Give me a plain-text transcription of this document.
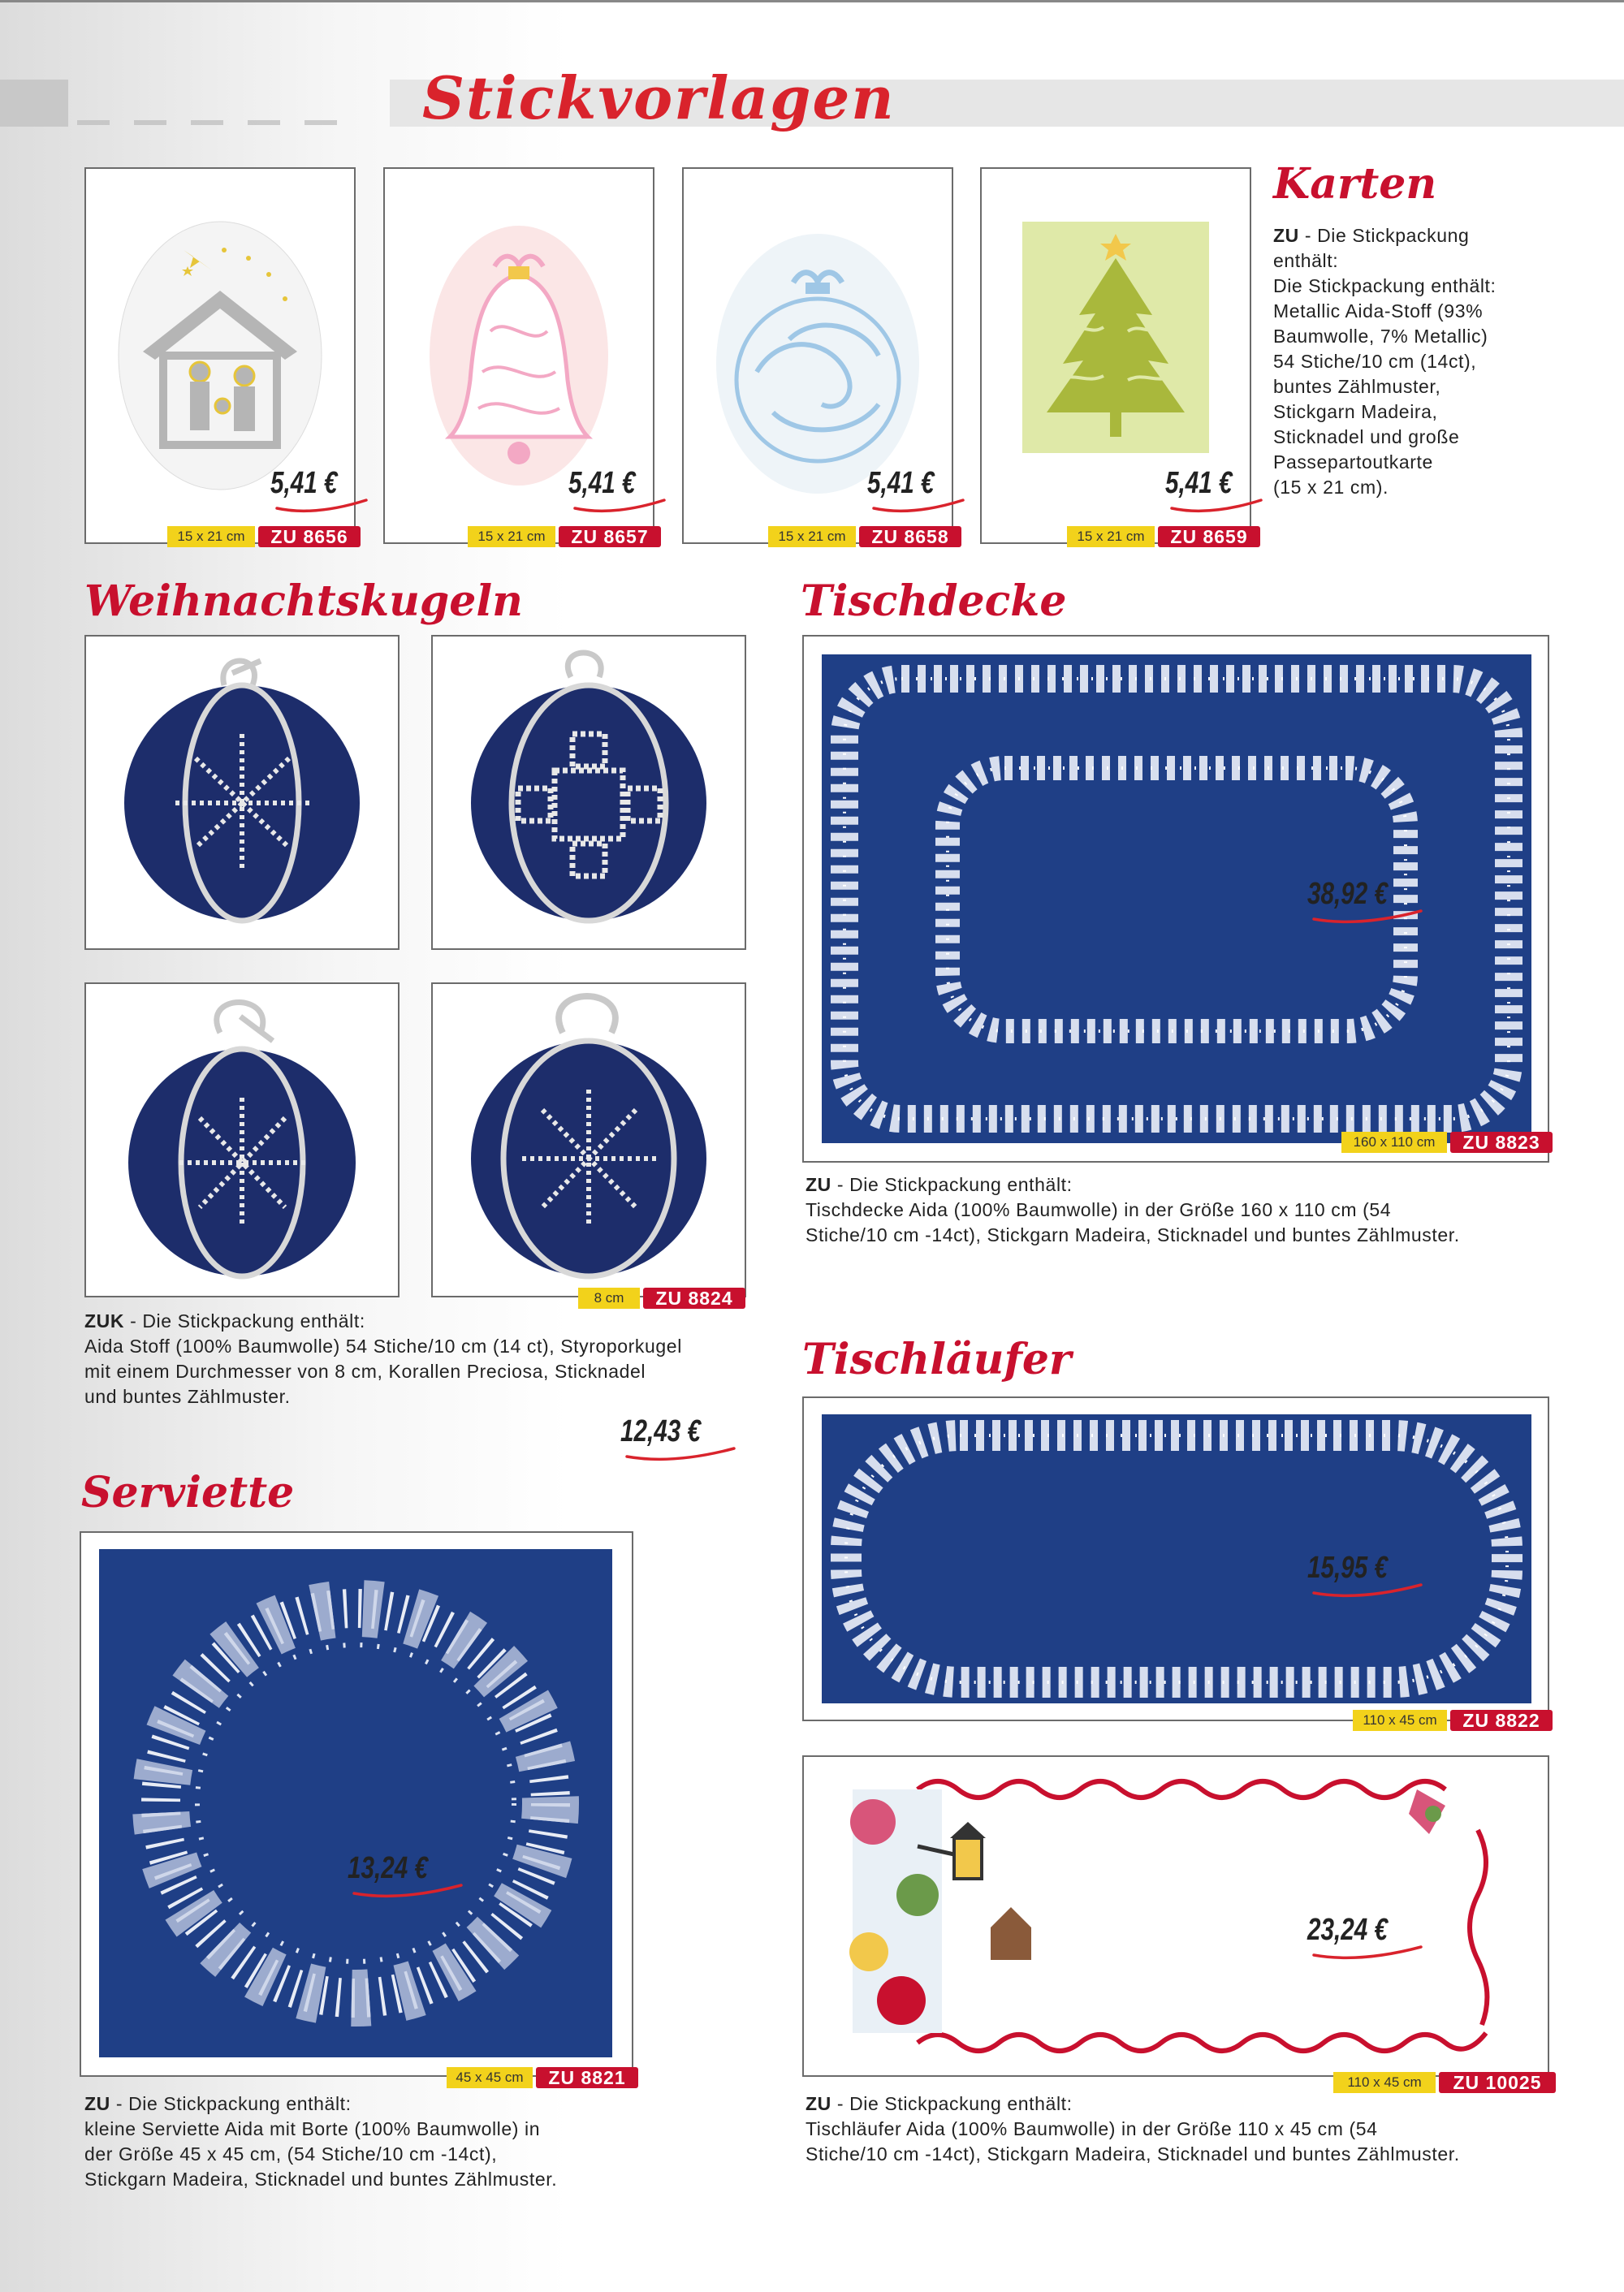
Stickvorlagen
5,41 €	5,41 €	5,41 €	5,41 €
15 x 21 cm	ZU 8656	15 x 21 cm	ZU 8657	15 x 21 cm	ZU 8658	15 x 21 cm	ZU 8659
Karten
ZU - Die Stickpackung
enthält:
Die Stickpackung enthält:
Metallic Aida-Stoff (93%
Baumwolle, 7% Metallic)
54 Stiche/10 cm (14ct),
buntes Zählmuster,
Stickgarn Madeira,
Sticknadel und große
Passepartoutkarte
(15 x 21 cm).
Weihnachtskugeln
8 cm	ZU 8824
ZUK - Die Stickpackung enthält:
Aida Stoff (100% Baumwolle) 54 Stiche/10 cm (14 ct), Styroporkugel
mit einem Durchmesser von 8 cm, Korallen Preciosa, Sticknadel
und buntes Zählmuster.
12,43 €
Serviette
13,24 €
45 x 45 cm	ZU 8821
ZU - Die Stickpackung enthält:
kleine Serviette Aida mit Borte (100% Baumwolle) in
der Größe 45 x 45 cm, (54 Stiche/10 cm -14ct),
Stickgarn Madeira, Sticknadel und buntes Zählmuster.
Tischdecke
38,92 €
160 x 110 cm	ZU 8823
ZU - Die Stickpackung enthält:
Tischdecke Aida (100% Baumwolle) in der Größe 160 x 110 cm (54
Stiche/10 cm -14ct), Stickgarn Madeira, Sticknadel und buntes Zählmuster.
Tischläufer
15,95 €
110 x 45 cm	ZU 8822
23,24 €
110 x 45 cm	ZU 10025
ZU - Die Stickpackung enthält:
Tischläufer Aida (100% Baumwolle) in der Größe 110 x 45 cm (54
Stiche/10 cm -14ct), Stickgarn Madeira, Sticknadel und buntes Zählmuster.
